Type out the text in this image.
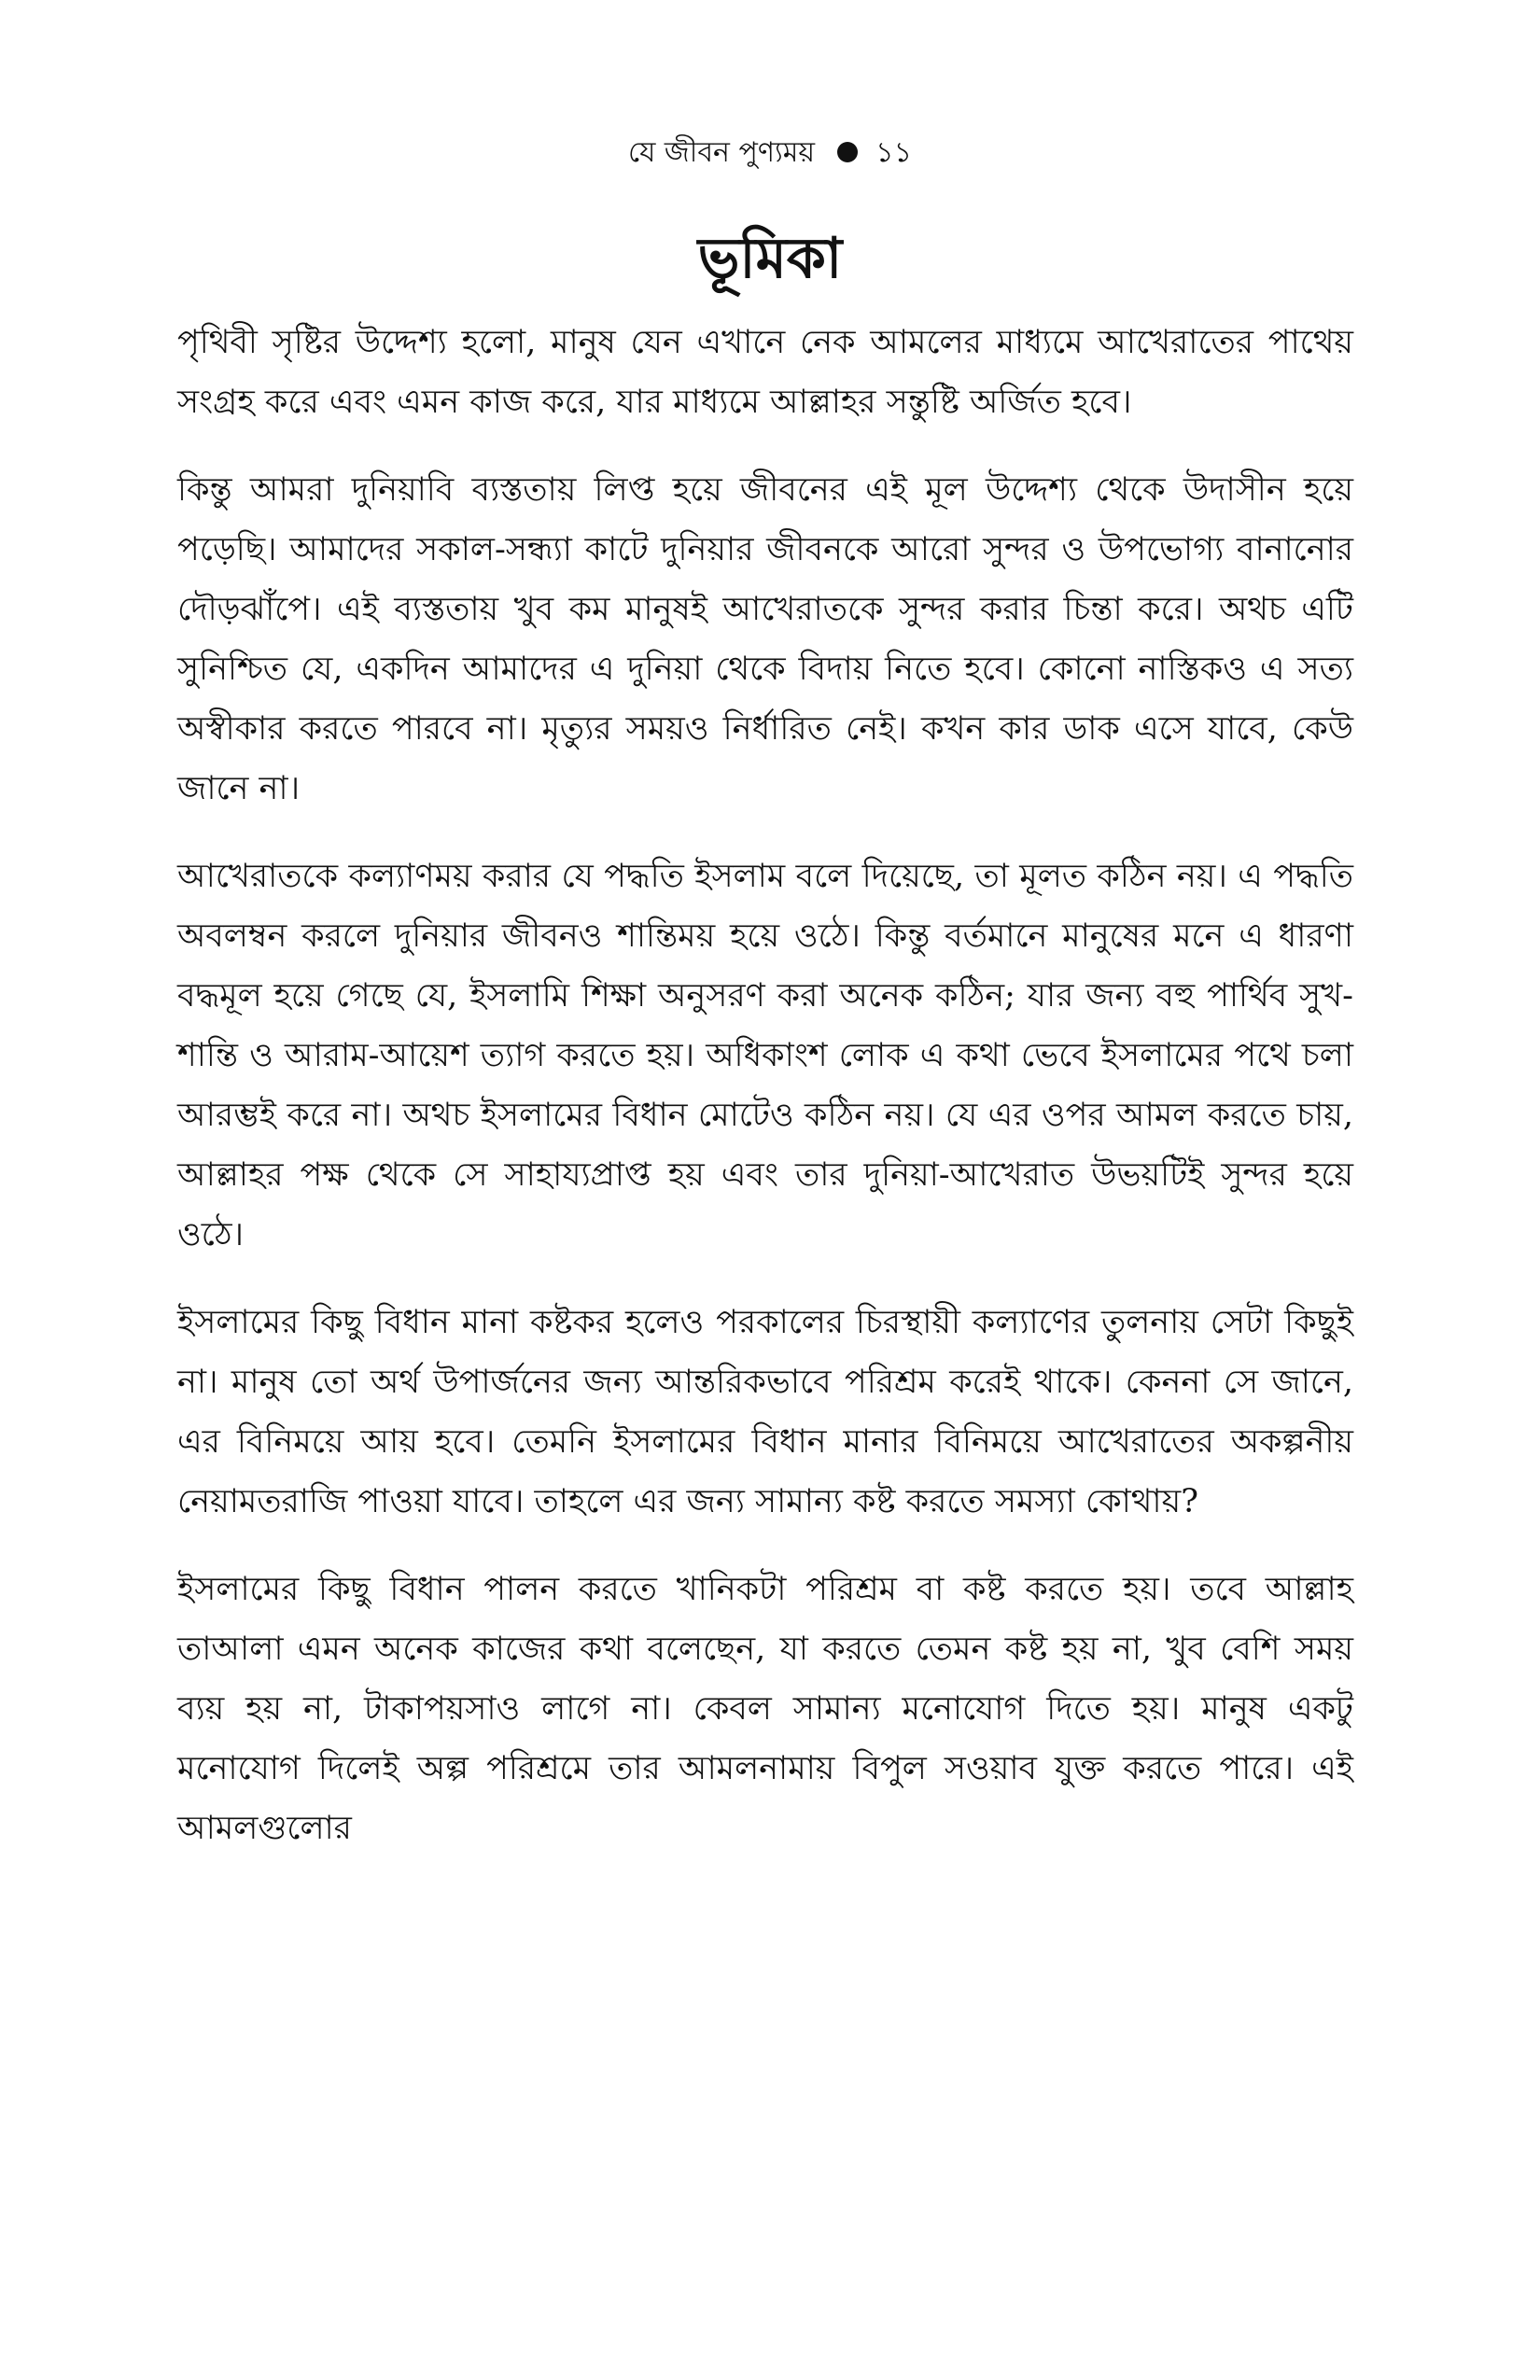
যে জীবন পুণ্যময় ১১
ভূমিকা

পৃথিবী সৃষ্টির উদ্দেশ্য হলো, মানুষ যেন এখানে নেক আমলের মাধ্যমে আখেরাতের পাথেয় সংগ্রহ করে এবং এমন কাজ করে, যার মাধ্যমে আল্লাহর সন্তুষ্টি অর্জিত হবে।

কিন্তু আমরা দুনিয়াবি ব্যস্ততায় লিপ্ত হয়ে জীবনের এই মূল উদ্দেশ্য থেকে উদাসীন হয়ে পড়েছি। আমাদের সকাল-সন্ধ্যা কাটে দুনিয়ার জীবনকে আরো সুন্দর ও উপভোগ্য বানানোর দৌড়ঝাঁপে। এই ব্যস্ততায় খুব কম মানুষই আখেরাতকে সুন্দর করার চিন্তা করে। অথচ এটি সুনিশ্চিত যে, একদিন আমাদের এ দুনিয়া থেকে বিদায় নিতে হবে। কোনো নাস্তিকও এ সত্য অস্বীকার করতে পারবে না। মৃত্যুর সময়ও নির্ধারিত নেই। কখন কার ডাক এসে যাবে, কেউ জানে না।

আখেরাতকে কল্যাণময় করার যে পদ্ধতি ইসলাম বলে দিয়েছে, তা মূলত কঠিন নয়। এ পদ্ধতি অবলম্বন করলে দুনিয়ার জীবনও শান্তিময় হয়ে ওঠে। কিন্তু বর্তমানে মানুষের মনে এ ধারণা বদ্ধমূল হয়ে গেছে যে, ইসলামি শিক্ষা অনুসরণ করা অনেক কঠিন; যার জন্য বহু পার্থিব সুখ-শান্তি ও আরাম-আয়েশ ত্যাগ করতে হয়। অধিকাংশ লোক এ কথা ভেবে ইসলামের পথে চলা আরম্ভই করে না। অথচ ইসলামের বিধান মোটেও কঠিন নয়। যে এর ওপর আমল করতে চায়, আল্লাহর পক্ষ থেকে সে সাহায্যপ্রাপ্ত হয় এবং তার দুনিয়া-আখেরাত উভয়টিই সুন্দর হয়ে ওঠে।

ইসলামের কিছু বিধান মানা কষ্টকর হলেও পরকালের চিরস্থায়ী কল্যাণের তুলনায় সেটা কিছুই না। মানুষ তো অর্থ উপার্জনের জন্য আন্তরিকভাবে পরিশ্রম করেই থাকে। কেননা সে জানে, এর বিনিময়ে আয় হবে। তেমনি ইসলামের বিধান মানার বিনিময়ে আখেরাতের অকল্পনীয় নেয়ামতরাজি পাওয়া যাবে। তাহলে এর জন্য সামান্য কষ্ট করতে সমস্যা কোথায়?

ইসলামের কিছু বিধান পালন করতে খানিকটা পরিশ্রম বা কষ্ট করতে হয়। তবে আল্লাহ তাআলা এমন অনেক কাজের কথা বলেছেন, যা করতে তেমন কষ্ট হয় না, খুব বেশি সময় ব্যয় হয় না, টাকাপয়সাও লাগে না। কেবল সামান্য মনোযোগ দিতে হয়। মানুষ একটু মনোযোগ দিলেই অল্প পরিশ্রমে তার আমলনামায় বিপুল সওয়াব যুক্ত করতে পারে। এই আমলগুলোর
